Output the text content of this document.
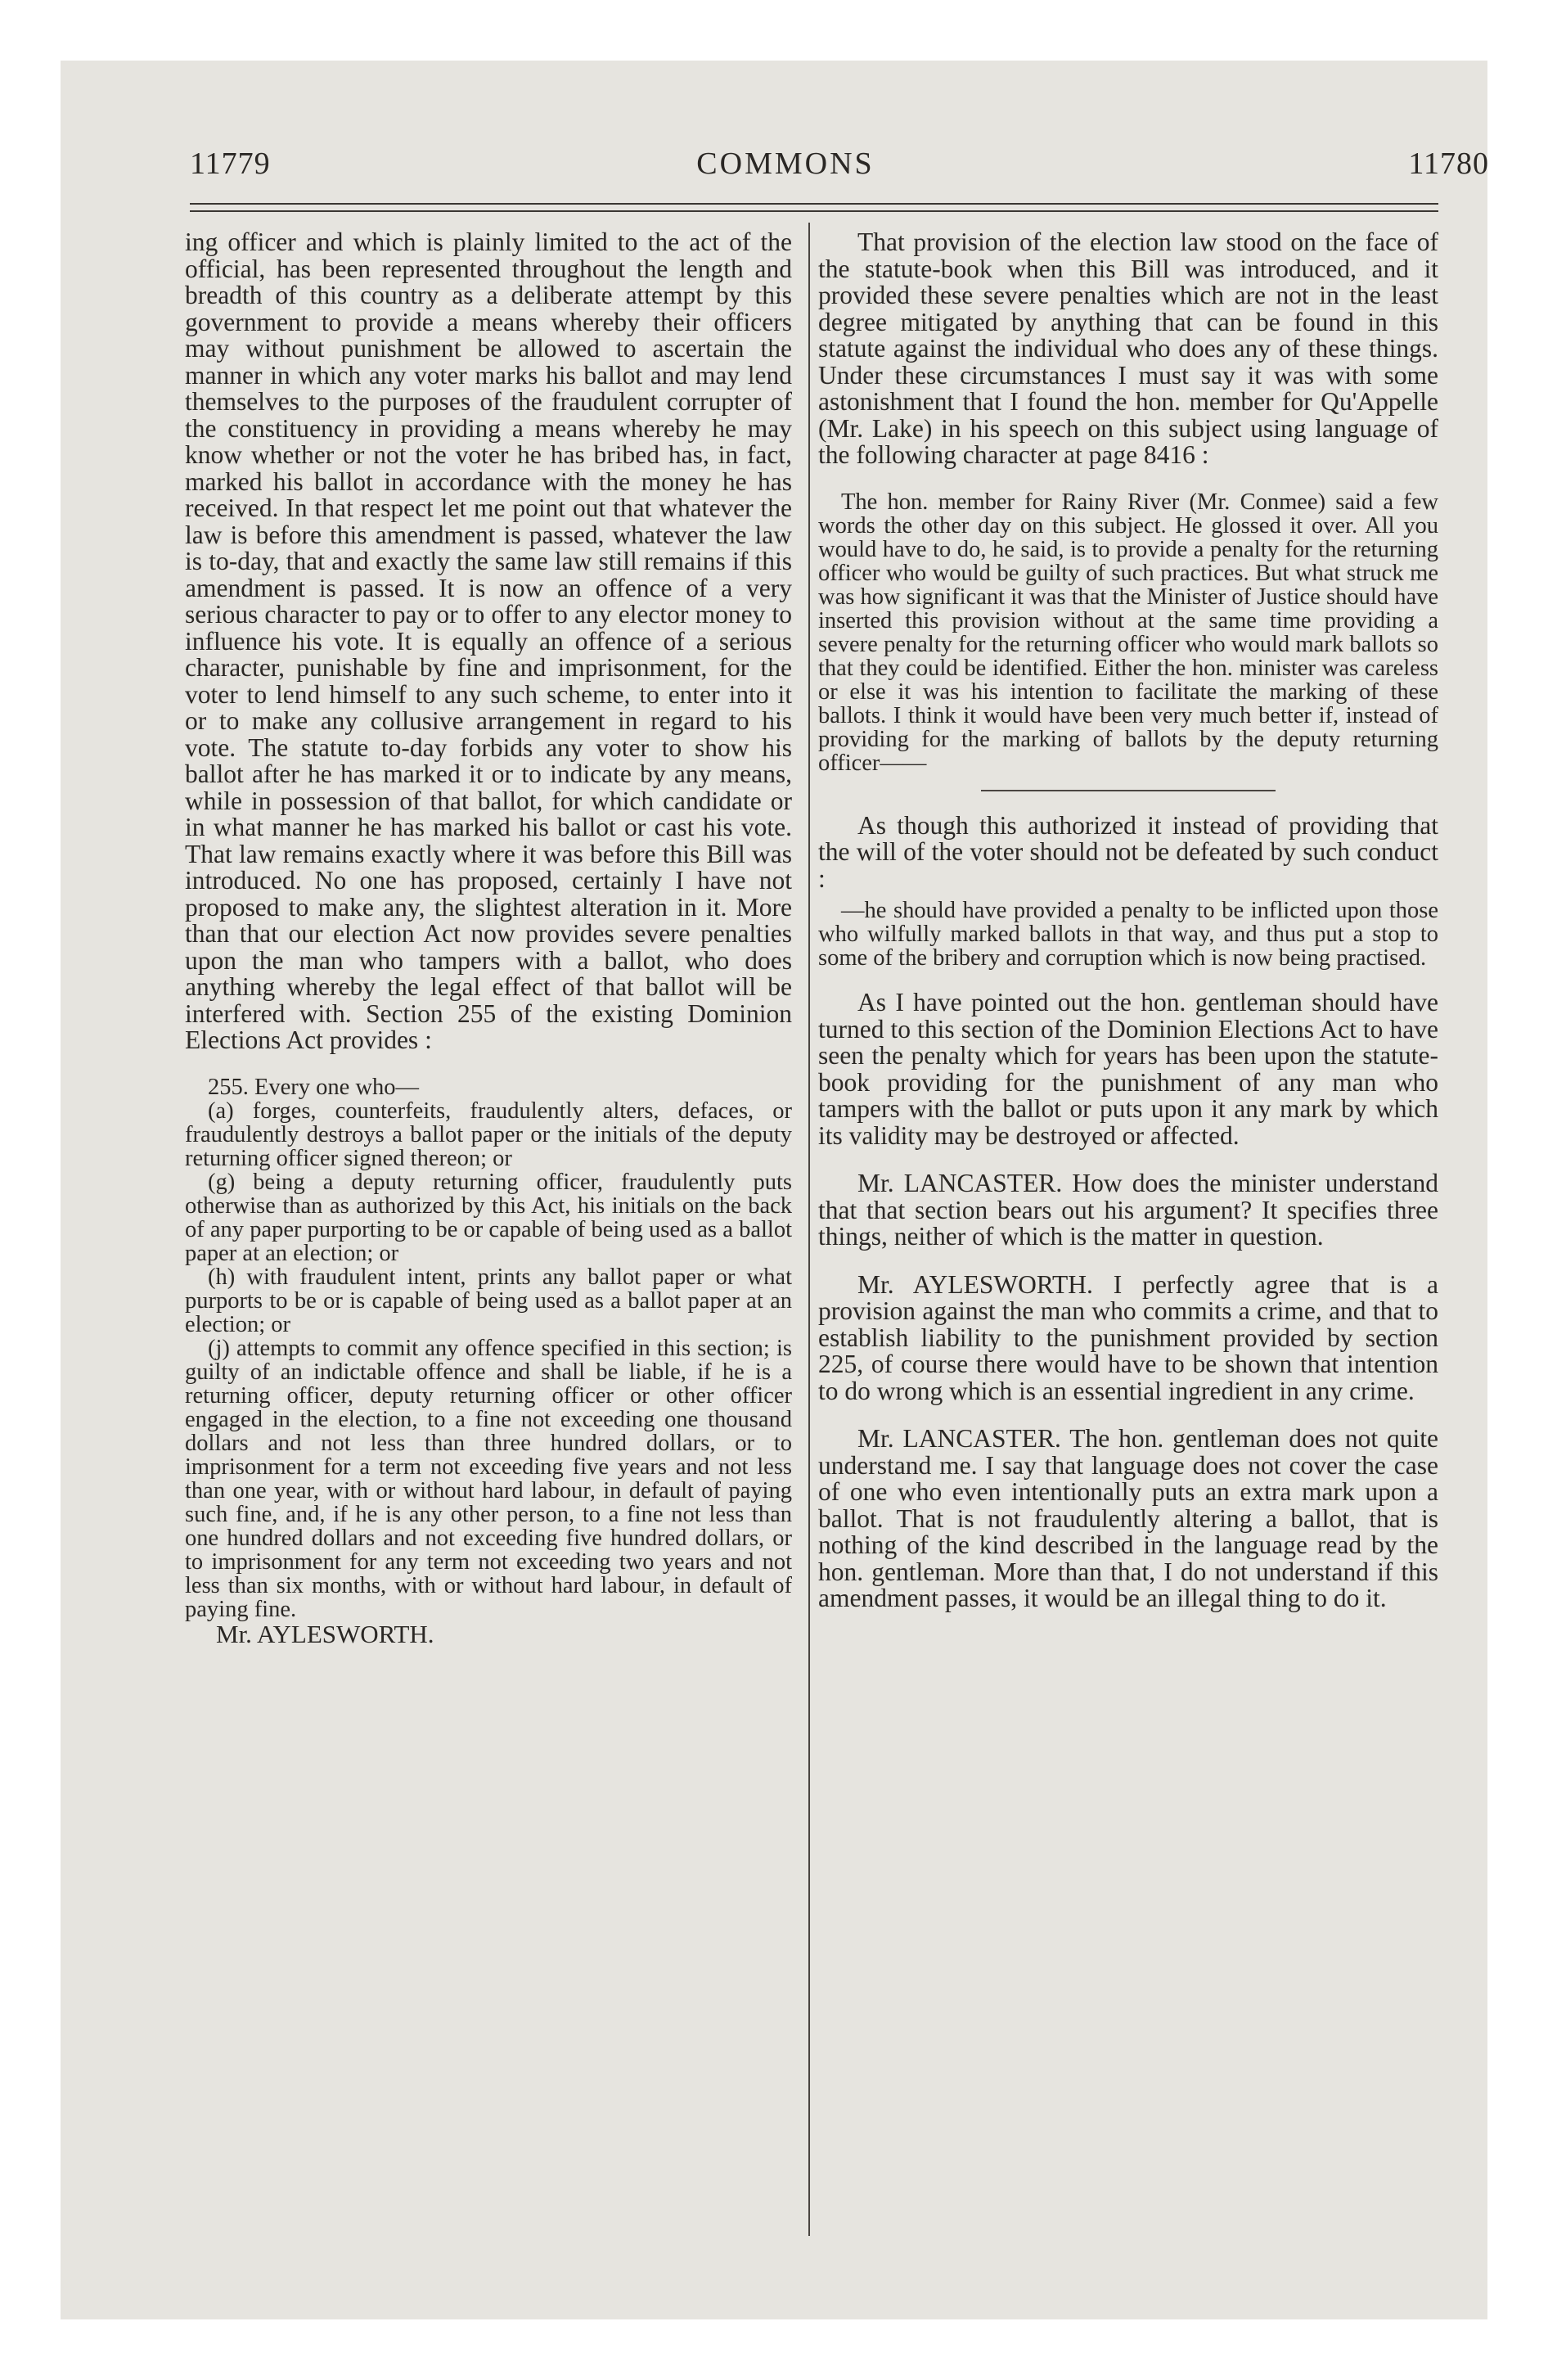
11779	COMMONS	11780

ing officer and which is plainly limited to the act of the official, has been represented throughout the length and breadth of this country as a deliberate attempt by this government to provide a means whereby their officers may without punishment be allowed to ascertain the manner in which any voter marks his ballot and may lend themselves to the purposes of the fraudulent corrupter of the constituency in providing a means whereby he may know whether or not the voter he has bribed has, in fact, marked his ballot in accordance with the money he has received. In that respect let me point out that whatever the law is before this amendment is passed, whatever the law is to-day, that and exactly the same law still remains if this amendment is passed. It is now an offence of a very serious character to pay or to offer to any elector money to influence his vote. It is equally an offence of a serious character, punishable by fine and imprisonment, for the voter to lend himself to any such scheme, to enter into it or to make any collusive arrangement in regard to his vote. The statute to-day forbids any voter to show his ballot after he has marked it or to indicate by any means, while in possession of that ballot, for which candidate or in what manner he has marked his ballot or cast his vote. That law remains exactly where it was before this Bill was introduced. No one has proposed, certainly I have not proposed to make any, the slightest alteration in it. More than that our election Act now provides severe penalties upon the man who tampers with a ballot, who does anything whereby the legal effect of that ballot will be interfered with. Section 255 of the existing Dominion Elections Act provides :

255. Every one who—

(a) forges, counterfeits, fraudulently alters, defaces, or fraudulently destroys a ballot paper or the initials of the deputy returning officer signed thereon; or

(g) being a deputy returning officer, fraudulently puts otherwise than as authorized by this Act, his initials on the back of any paper purporting to be or capable of being used as a ballot paper at an election; or

(h) with fraudulent intent, prints any ballot paper or what purports to be or is capable of being used as a ballot paper at an election; or

(j) attempts to commit any offence specified in this section; is guilty of an indictable offence and shall be liable, if he is a returning officer, deputy returning officer or other officer engaged in the election, to a fine not exceeding one thousand dollars and not less than three hundred dollars, or to imprisonment for a term not exceeding five years and not less than one year, with or without hard labour, in default of paying such fine, and, if he is any other person, to a fine not less than one hundred dollars and not exceeding five hundred dollars, or to imprisonment for any term not exceeding two years and not less than six months, with or without hard labour, in default of paying fine.

Mr. AYLESWORTH.

That provision of the election law stood on the face of the statute-book when this Bill was introduced, and it provided these severe penalties which are not in the least degree mitigated by anything that can be found in this statute against the individual who does any of these things. Under these circumstances I must say it was with some astonishment that I found the hon. member for Qu'Appelle (Mr. Lake) in his speech on this subject using language of the following character at page 8416 :

The hon. member for Rainy River (Mr. Conmee) said a few words the other day on this subject. He glossed it over. All you would have to do, he said, is to provide a penalty for the returning officer who would be guilty of such practices. But what struck me was how significant it was that the Minister of Justice should have inserted this provision without at the same time providing a severe penalty for the returning officer who would mark ballots so that they could be identified. Either the hon. minister was careless or else it was his intention to facilitate the marking of these ballots. I think it would have been very much better if, instead of providing for the marking of ballots by the deputy returning officer——

As though this authorized it instead of providing that the will of the voter should not be defeated by such conduct :

—he should have provided a penalty to be inflicted upon those who wilfully marked ballots in that way, and thus put a stop to some of the bribery and corruption which is now being practised.

As I have pointed out the hon. gentleman should have turned to this section of the Dominion Elections Act to have seen the penalty which for years has been upon the statute-book providing for the punishment of any man who tampers with the ballot or puts upon it any mark by which its validity may be destroyed or affected.

Mr. LANCASTER. How does the minister understand that that section bears out his argument? It specifies three things, neither of which is the matter in question.

Mr. AYLESWORTH. I perfectly agree that is a provision against the man who commits a crime, and that to establish liability to the punishment provided by section 225, of course there would have to be shown that intention to do wrong which is an essential ingredient in any crime.

Mr. LANCASTER. The hon. gentleman does not quite understand me. I say that language does not cover the case of one who even intentionally puts an extra mark upon a ballot. That is not fraudulently altering a ballot, that is nothing of the kind described in the language read by the hon. gentleman. More than that, I do not understand if this amendment passes, it would be an illegal thing to do it.
